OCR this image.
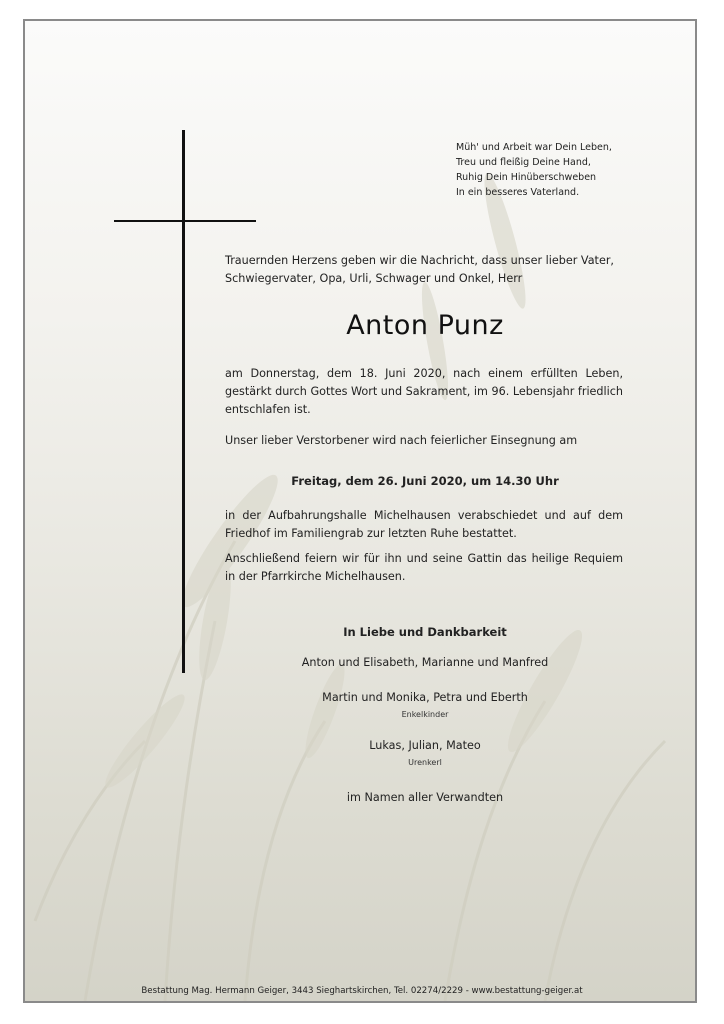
Müh' und Arbeit war Dein Leben,
Treu und fleißig Deine Hand,
Ruhig Dein Hinüberschweben
In ein besseres Vaterland.
Trauernden Herzens geben wir die Nachricht, dass unser lieber Vater, Schwiegervater, Opa, Urli, Schwager und Onkel, Herr
Anton Punz
am Donnerstag, dem 18. Juni 2020, nach einem erfüllten Leben, gestärkt durch Gottes Wort und Sakrament, im 96. Lebensjahr friedlich entschlafen ist.
Unser lieber Verstorbener wird nach feierlicher Einsegnung am
Freitag, dem 26. Juni 2020, um 14.30 Uhr
in der Aufbahrungshalle Michelhausen verabschiedet und auf dem Friedhof im Familiengrab zur letzten Ruhe bestattet.
Anschließend feiern wir für ihn und seine Gattin das heilige Requiem in der Pfarrkirche Michelhausen.
In Liebe und Dankbarkeit
Anton und Elisabeth, Marianne und Manfred
Martin und Monika, Petra und Eberth
Enkelkinder
Lukas, Julian, Mateo
Urenkerl
im Namen aller Verwandten
Bestattung Mag. Hermann Geiger, 3443 Sieghartskirchen, Tel. 02274/2229 - www.bestattung-geiger.at
